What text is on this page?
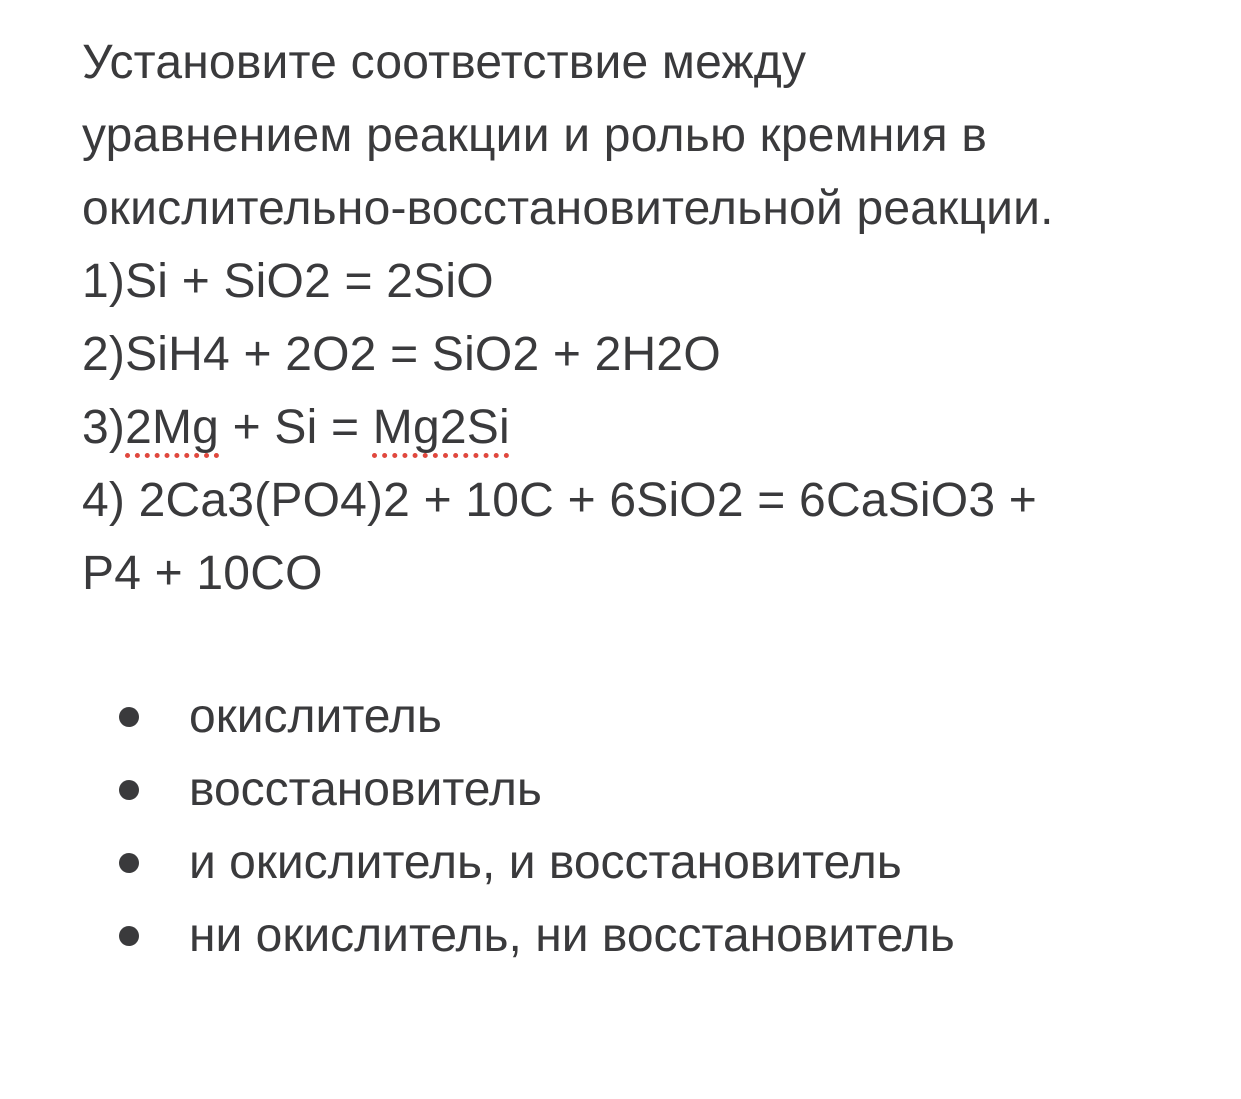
Установите соответствие между
уравнением реакции и ролью кремния в
окислительно-восстановительной реакции.
1)Si + SiO2 = 2SiO
2)SiH4 + 2O2 = SiO2 + 2H2O
3)2Mg + Si = Mg2Si
4) 2Ca3(PO4)2 + 10C + 6SiO2 = 6CaSiO3 +
P4 + 10CO
окислитель
восстановитель
и окислитель, и восстановитель
ни окислитель, ни восстановитель
